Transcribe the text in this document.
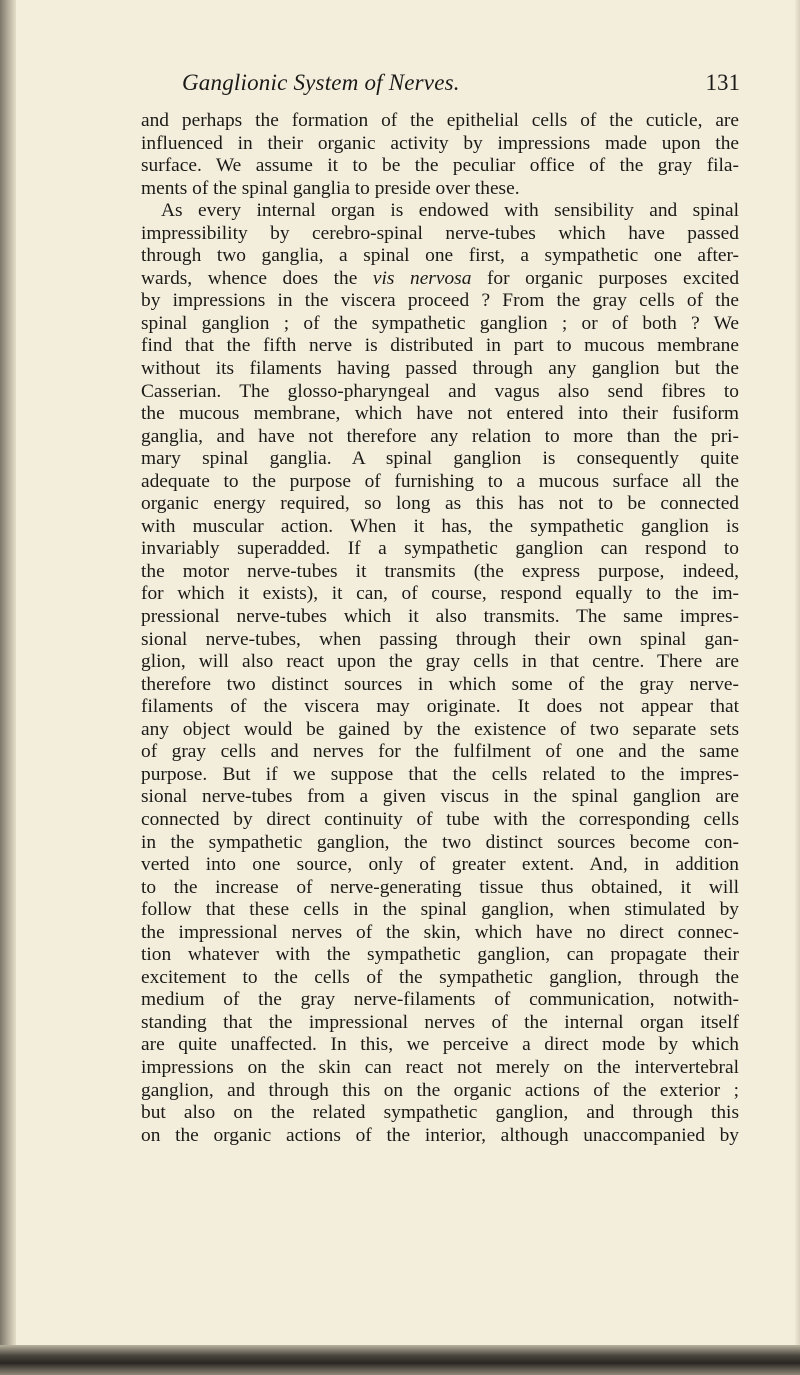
Ganglionic System of Nerves.	131
and perhaps the formation of the epithelial cells of the cuticle, are
influenced in their organic activity by impressions made upon the
surface. We assume it to be the peculiar office of the gray fila-
ments of the spinal ganglia to preside over these.
As every internal organ is endowed with sensibility and spinal
impressibility by cerebro-spinal nerve-tubes which have passed
through two ganglia, a spinal one first, a sympathetic one after-
wards, whence does the vis nervosa for organic purposes excited
by impressions in the viscera proceed ? From the gray cells of the
spinal ganglion ; of the sympathetic ganglion ; or of both ? We
find that the fifth nerve is distributed in part to mucous membrane
without its filaments having passed through any ganglion but the
Casserian. The glosso-pharyngeal and vagus also send fibres to
the mucous membrane, which have not entered into their fusiform
ganglia, and have not therefore any relation to more than the pri-
mary spinal ganglia. A spinal ganglion is consequently quite
adequate to the purpose of furnishing to a mucous surface all the
organic energy required, so long as this has not to be connected
with muscular action. When it has, the sympathetic ganglion is
invariably superadded. If a sympathetic ganglion can respond to
the motor nerve-tubes it transmits (the express purpose, indeed,
for which it exists), it can, of course, respond equally to the im-
pressional nerve-tubes which it also transmits. The same impres-
sional nerve-tubes, when passing through their own spinal gan-
glion, will also react upon the gray cells in that centre. There are
therefore two distinct sources in which some of the gray nerve-
filaments of the viscera may originate. It does not appear that
any object would be gained by the existence of two separate sets
of gray cells and nerves for the fulfilment of one and the same
purpose. But if we suppose that the cells related to the impres-
sional nerve-tubes from a given viscus in the spinal ganglion are
connected by direct continuity of tube with the corresponding cells
in the sympathetic ganglion, the two distinct sources become con-
verted into one source, only of greater extent. And, in addition
to the increase of nerve-generating tissue thus obtained, it will
follow that these cells in the spinal ganglion, when stimulated by
the impressional nerves of the skin, which have no direct connec-
tion whatever with the sympathetic ganglion, can propagate their
excitement to the cells of the sympathetic ganglion, through the
medium of the gray nerve-filaments of communication, notwith-
standing that the impressional nerves of the internal organ itself
are quite unaffected. In this, we perceive a direct mode by which
impressions on the skin can react not merely on the intervertebral
ganglion, and through this on the organic actions of the exterior ;
but also on the related sympathetic ganglion, and through this
on the organic actions of the interior, although unaccompanied by
